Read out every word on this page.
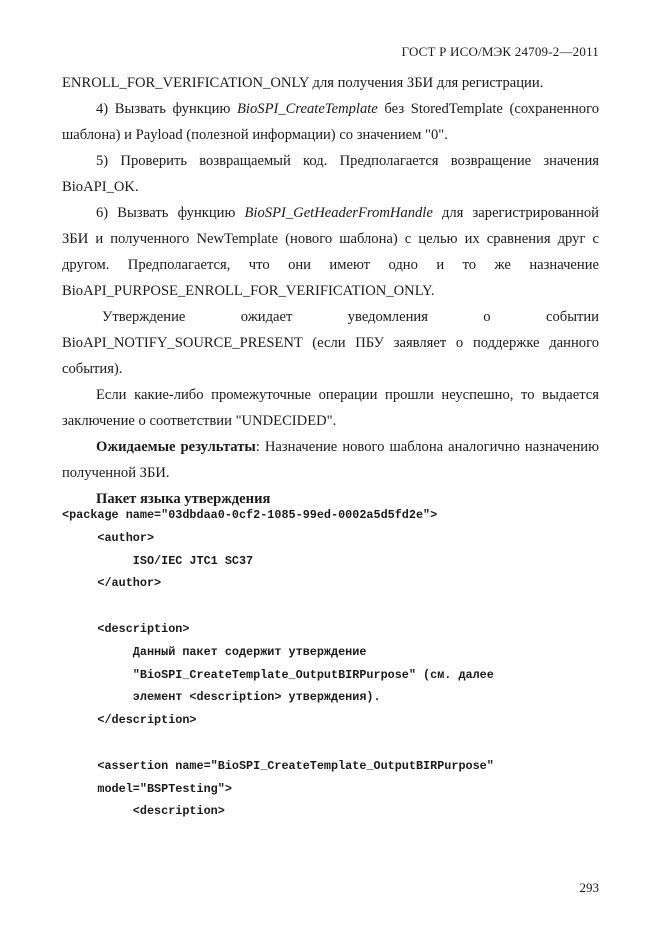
ГОСТ Р ИСО/МЭК 24709-2—2011

ENROLL_FOR_VERIFICATION_ONLY для получения ЗБИ для регистрации.

4) Вызвать функцию BioSPI_CreateTemplate без StoredTemplate (сохраненного шаблона) и Payload (полезной информации) со значением "0".

5) Проверить возвращаемый код. Предполагается возвращение значения BioAPI_OK.

6) Вызвать функцию BioSPI_GetHeaderFromHandle для зарегистрированной ЗБИ и полученного NewTemplate (нового шаблона) с целью их сравнения друг с другом. Предполагается, что они имеют одно и то же назначение BioAPI_PURPOSE_ENROLL_FOR_VERIFICATION_ONLY.

Утверждение ожидает уведомления о событии BioAPI_NOTIFY_SOURCE_PRESENT (если ПБУ заявляет о поддержке данного события).

Если какие-либо промежуточные операции прошли неуспешно, то выдается заключение о соответствии "UNDECIDED".

Ожидаемые результаты: Назначение нового шаблона аналогично назначению полученной ЗБИ.

Пакет языка утверждения

<package name="03dbdaa0-0cf2-1085-99ed-0002a5d5fd2e">
<author>
ISO/IEC JTC1 SC37
</author>
<description>
Данный пакет содержит утверждение
"BioSPI_CreateTemplate_OutputBIRPurpose" (см. далее
элемент <description> утверждения).
</description>
<assertion name="BioSPI_CreateTemplate_OutputBIRPurpose"
model="BSPTesting">
<description>
293
